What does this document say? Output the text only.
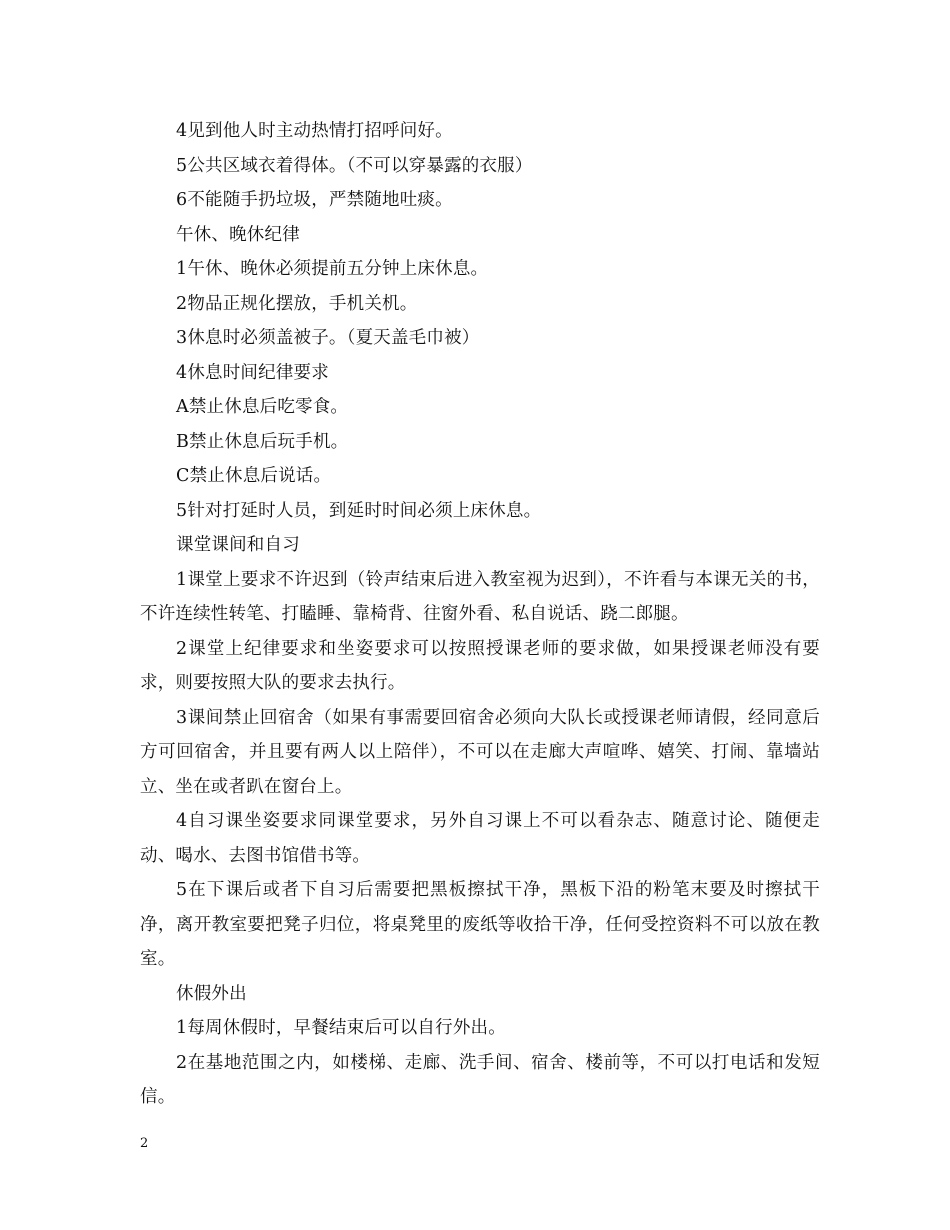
4见到他人时主动热情打招呼问好。

5公共区域衣着得体。（不可以穿暴露的衣服）

6不能随手扔垃圾，严禁随地吐痰。

午休、晚休纪律

1午休、晚休必须提前五分钟上床休息。

2物品正规化摆放，手机关机。

3休息时必须盖被子。（夏天盖毛巾被）

4休息时间纪律要求

A禁止休息后吃零食。

B禁止休息后玩手机。

C禁止休息后说话。

5针对打延时人员，到延时时间必须上床休息。

课堂课间和自习

1课堂上要求不许迟到（铃声结束后进入教室视为迟到），不许看与本课无关的书，不许连续性转笔、打瞌睡、靠椅背、往窗外看、私自说话、跷二郎腿。

2课堂上纪律要求和坐姿要求可以按照授课老师的要求做，如果授课老师没有要求，则要按照大队的要求去执行。

3课间禁止回宿舍（如果有事需要回宿舍必须向大队长或授课老师请假，经同意后方可回宿舍，并且要有两人以上陪伴），不可以在走廊大声喧哗、嬉笑、打闹、靠墙站立、坐在或者趴在窗台上。

4自习课坐姿要求同课堂要求，另外自习课上不可以看杂志、随意讨论、随便走动、喝水、去图书馆借书等。

5在下课后或者下自习后需要把黑板擦拭干净，黑板下沿的粉笔末要及时擦拭干净，离开教室要把凳子归位，将桌凳里的废纸等收拾干净，任何受控资料不可以放在教室。

休假外出

1每周休假时，早餐结束后可以自行外出。

2在基地范围之内，如楼梯、走廊、洗手间、宿舍、楼前等，不可以打电话和发短信。

2
